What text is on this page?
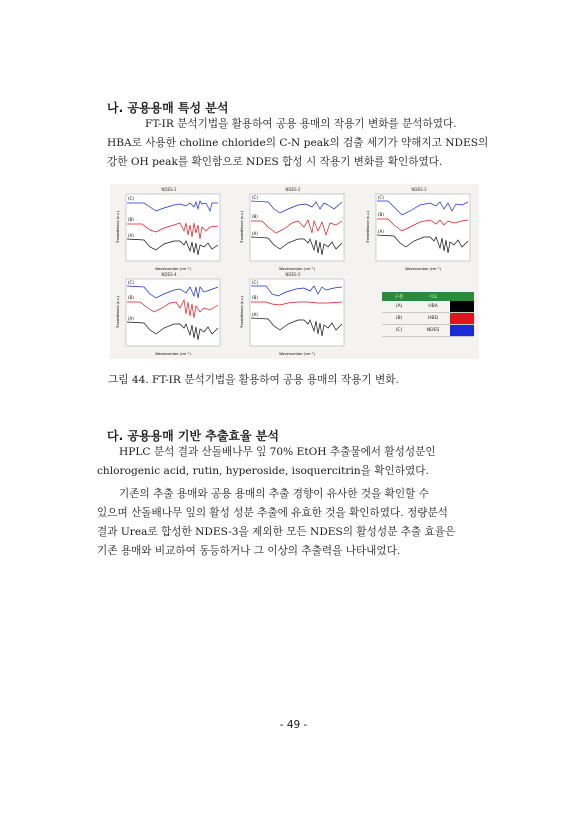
나. 공용용매 특성 분석
FT-IR 분석기법을 활용하여 공용 용매의 작용기 변화를 분석하였다.
HBA로 사용한 choline chloride의 C-N peak의 검출 세기가 약해지고 NDES의
강한 OH peak를 확인함으로 NDES 합성 시 작용기 변화를 확인하였다.
NDES-1
(C)
(B)
(A)
Wavenumber (cm⁻¹)
Transmittance (a.u.)
NDES-2
(C)
(B)
(A)
Wavenumber (cm⁻¹)
Transmittance (a.u.)
NDES-3
(C)
(B)
(A)
Wavenumber (cm⁻¹)
Transmittance (a.u.)
NDES-4
(C)
(B)
(A)
Wavenumber (cm⁻¹)
Transmittance (a.u.)
NDES-5
(C)
(B)
(A)
Wavenumber (cm⁻¹)
Transmittance (a.u.)	구분	시료	
(A)	HBA	
(B)	HBD	
(C)	NDES	
그림 44. FT-IR 분석기법을 활용하여 공용 용매의 작용기 변화.
다. 공용용매 기반 추출효율 분석
HPLC 분석 결과 산돌배나무 잎 70% EtOH 추출물에서 활성성분인
chlorogenic acid, rutin, hyperoside, isoquercitrin을 확인하였다.
기존의 추출 용매와 공용 용매의 추출 경향이 유사한 것을 확인할 수
있으며 산돌배나무 잎의 활성 성분 추출에 유효한 것을 확인하였다. 정량분석
결과 Urea로 합성한 NDES-3을 제외한 모든 NDES의 활성성분 추출 효율은
기존 용매와 비교하여 동등하거나 그 이상의 추출력을 나타내었다.
- 49 -
